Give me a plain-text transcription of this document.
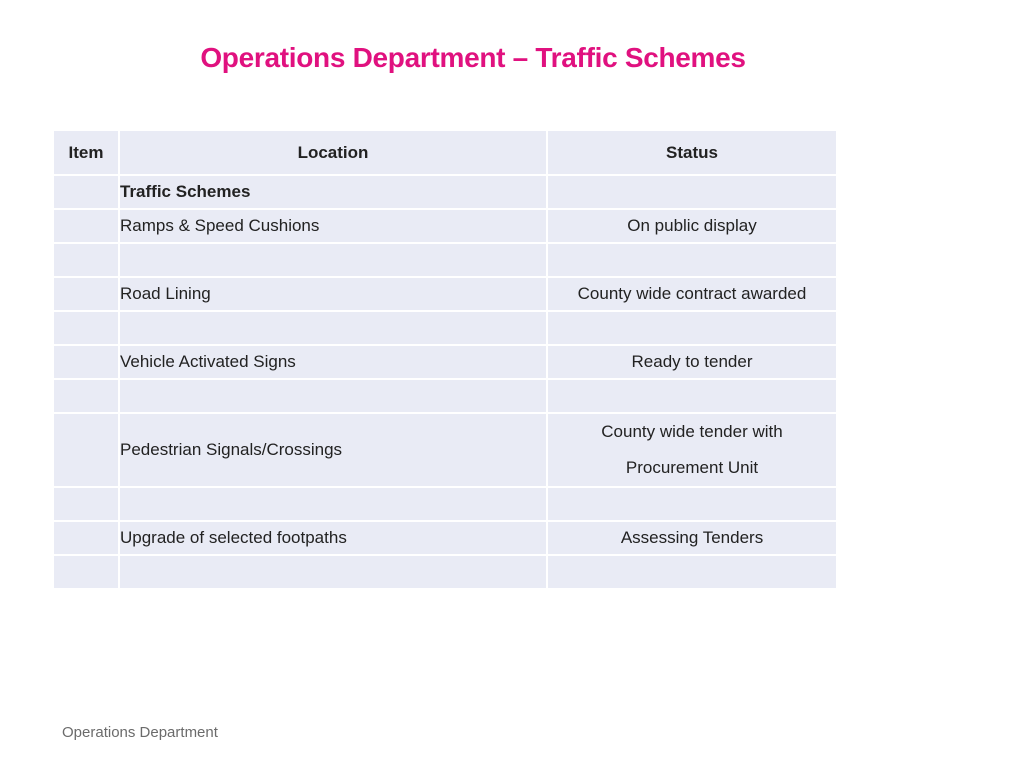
Operations Department – Traffic Schemes
Item	Location	Status
	Traffic Schemes	
	Ramps & Speed Cushions	On public display

	Road Lining	County wide contract awarded

	Vehicle Activated Signs	Ready to tender

	Pedestrian Signals/Crossings	County wide tender with
Procurement Unit

	Upgrade of selected footpaths	Assessing Tenders

Operations Department
